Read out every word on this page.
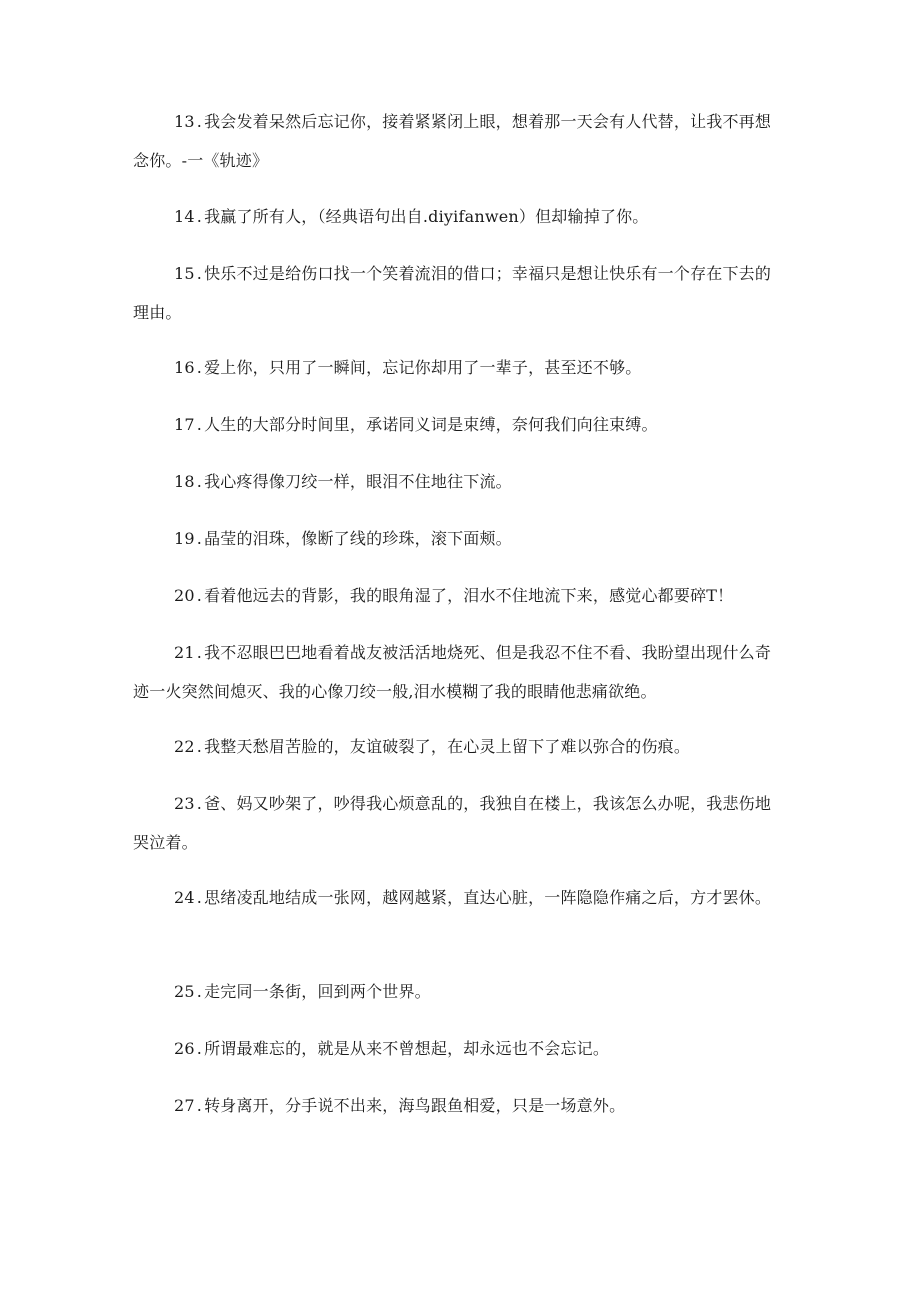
13 . 我会发着呆然后忘记你，接着紧紧闭上眼，想着那一天会有人代替，让我不再想念你。-一《轨迹》
14 . 我赢了所有人，（经典语句出自.diyifanwen）但却输掉了你。
15 . 快乐不过是给伤口找一个笑着流泪的借口；幸福只是想让快乐有一个存在下去的理由。
16 . 爱上你，只用了一瞬间，忘记你却用了一辈子，甚至还不够。
17 . 人生的大部分时间里，承诺同义词是束缚，奈何我们向往束缚。
18 . 我心疼得像刀绞一样，眼泪不住地往下流。
19 . 晶莹的泪珠，像断了线的珍珠，滚下面颊。
20 . 看着他远去的背影，我的眼角湿了，泪水不住地流下来，感觉心都要碎T！
21 . 我不忍眼巴巴地看着战友被活活地烧死、但是我忍不住不看、我盼望出现什么奇迹一火突然间熄灭、我的心像刀绞一般,泪水模糊了我的眼睛他悲痛欲绝。
22 . 我整天愁眉苦脸的，友谊破裂了，在心灵上留下了难以弥合的伤痕。
23 . 爸、妈又吵架了，吵得我心烦意乱的，我独自在楼上，我该怎么办呢，我悲伤地哭泣着。
24 . 思绪凌乱地结成一张网，越网越紧，直达心脏，一阵隐隐作痛之后，方才罢休。
25 . 走完同一条街，回到两个世界。
26 . 所谓最难忘的，就是从来不曾想起，却永远也不会忘记。
27 . 转身离开，分手说不出来，海鸟跟鱼相爱，只是一场意外。
